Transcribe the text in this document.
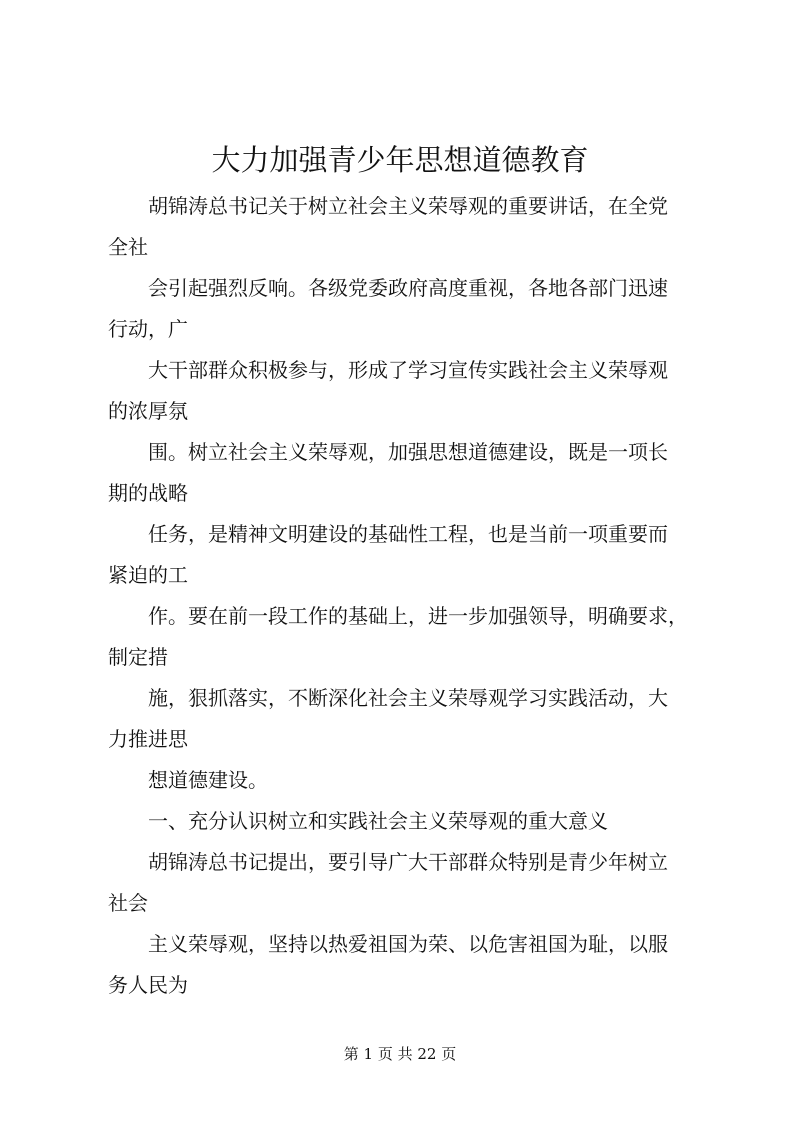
大力加强青少年思想道德教育

胡锦涛总书记关于树立社会主义荣辱观的重要讲话，在全党

全社

会引起强烈反响。各级党委政府高度重视，各地各部门迅速

行动，广

大干部群众积极参与，形成了学习宣传实践社会主义荣辱观

的浓厚氛

围。树立社会主义荣辱观，加强思想道德建设，既是一项长

期的战略

任务，是精神文明建设的基础性工程，也是当前一项重要而

紧迫的工

作。要在前一段工作的基础上，进一步加强领导，明确要求，

制定措

施，狠抓落实，不断深化社会主义荣辱观学习实践活动，大

力推进思

想道德建设。

一、充分认识树立和实践社会主义荣辱观的重大意义

胡锦涛总书记提出，要引导广大干部群众特别是青少年树立

社会

主义荣辱观，坚持以热爱祖国为荣、以危害祖国为耻，以服

务人民为

第 1 页 共 22 页
